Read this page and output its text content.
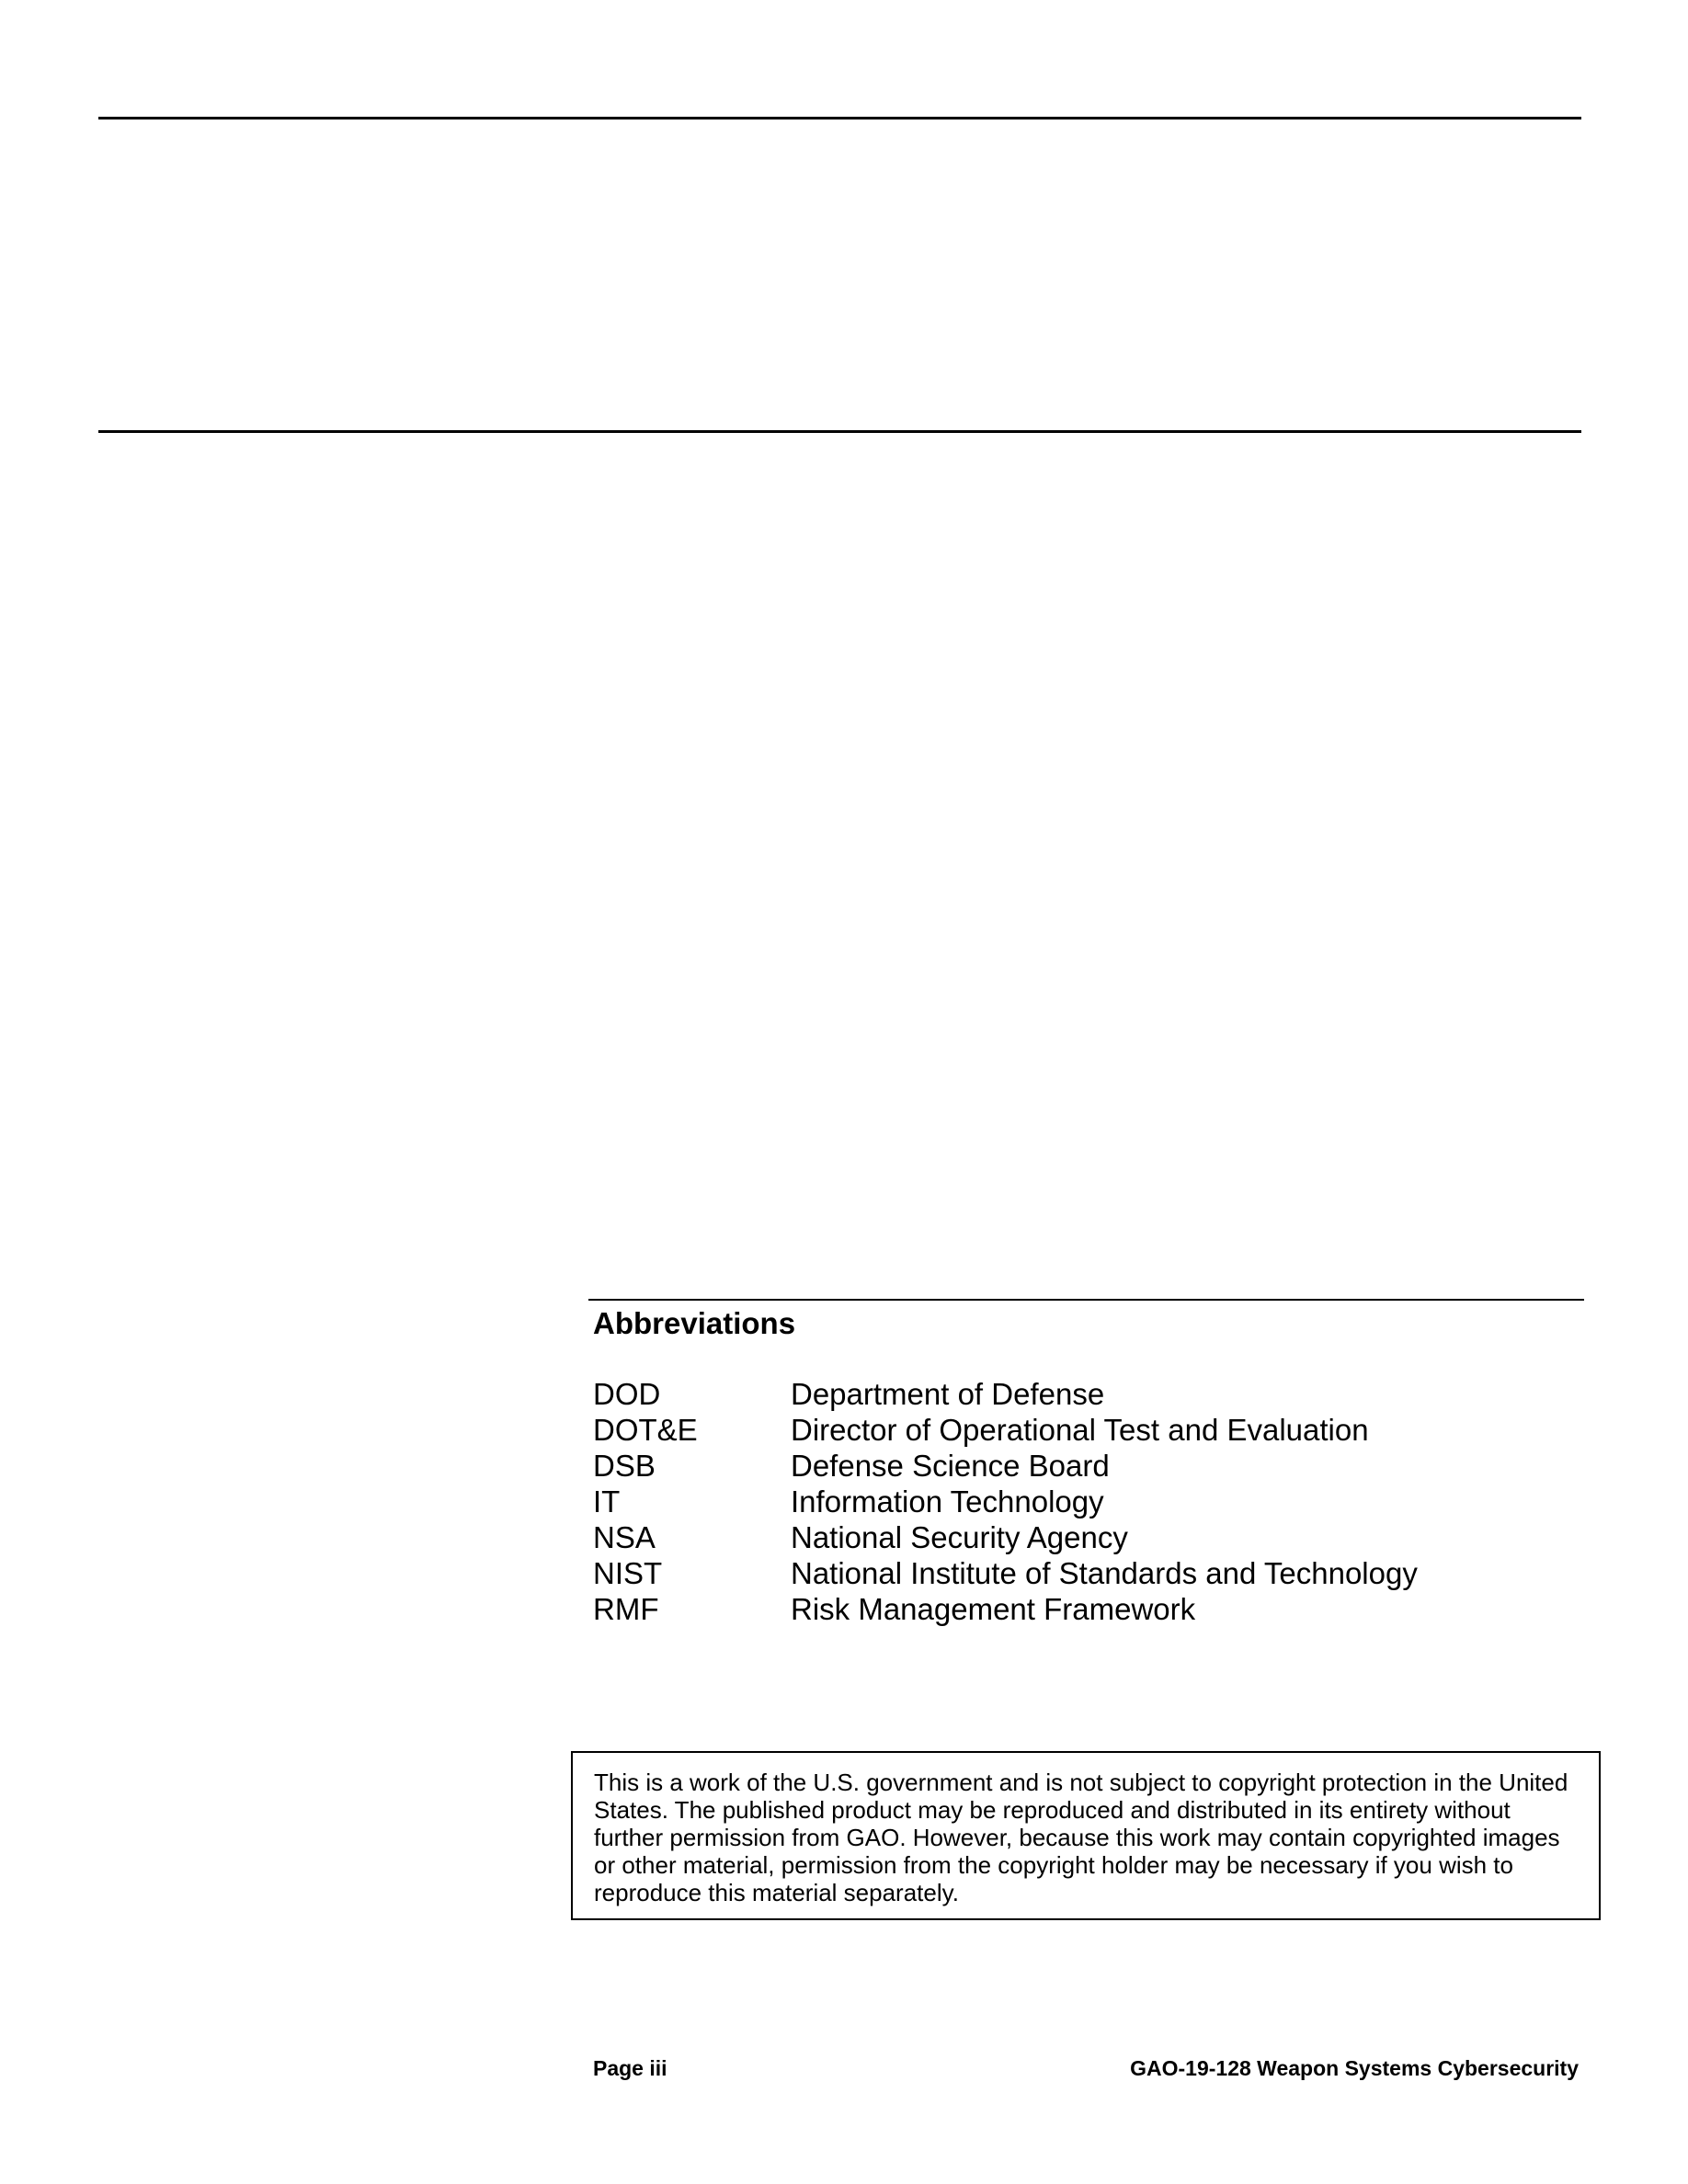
Abbreviations
DOD	Department of Defense
DOT&E	Director of Operational Test and Evaluation
DSB	Defense Science Board
IT	Information Technology
NSA	National Security Agency
NIST	National Institute of Standards and Technology
RMF	Risk Management Framework
This is a work of the U.S. government and is not subject to copyright protection in the United States. The published product may be reproduced and distributed in its entirety without further permission from GAO. However, because this work may contain copyrighted images or other material, permission from the copyright holder may be necessary if you wish to reproduce this material separately.
Page iii	GAO-19-128 Weapon Systems Cybersecurity
